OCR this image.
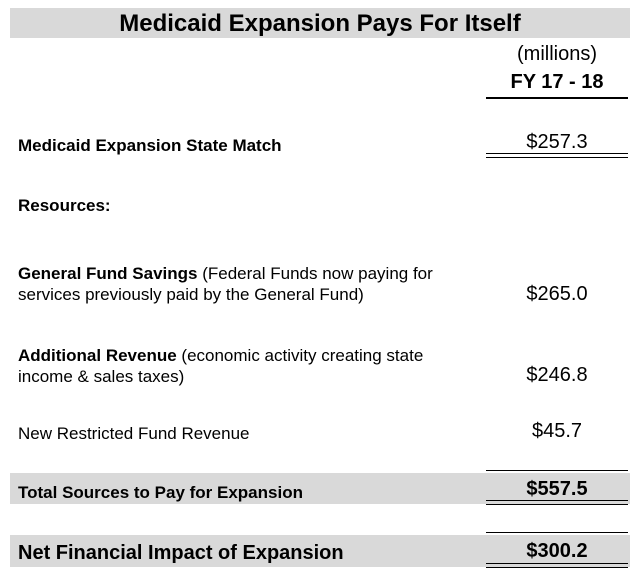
Medicaid Expansion Pays For Itself
(millions)
FY 17 - 18
Medicaid Expansion State Match	$257.3
Resources:
General Fund Savings (Federal Funds now paying for
services previously paid by the General Fund)	$265.0
Additional Revenue (economic activity creating state
income & sales taxes)	$246.8
New Restricted Fund Revenue	$45.7
Total Sources to Pay for Expansion	$557.5
Net Financial Impact of Expansion	$300.2
